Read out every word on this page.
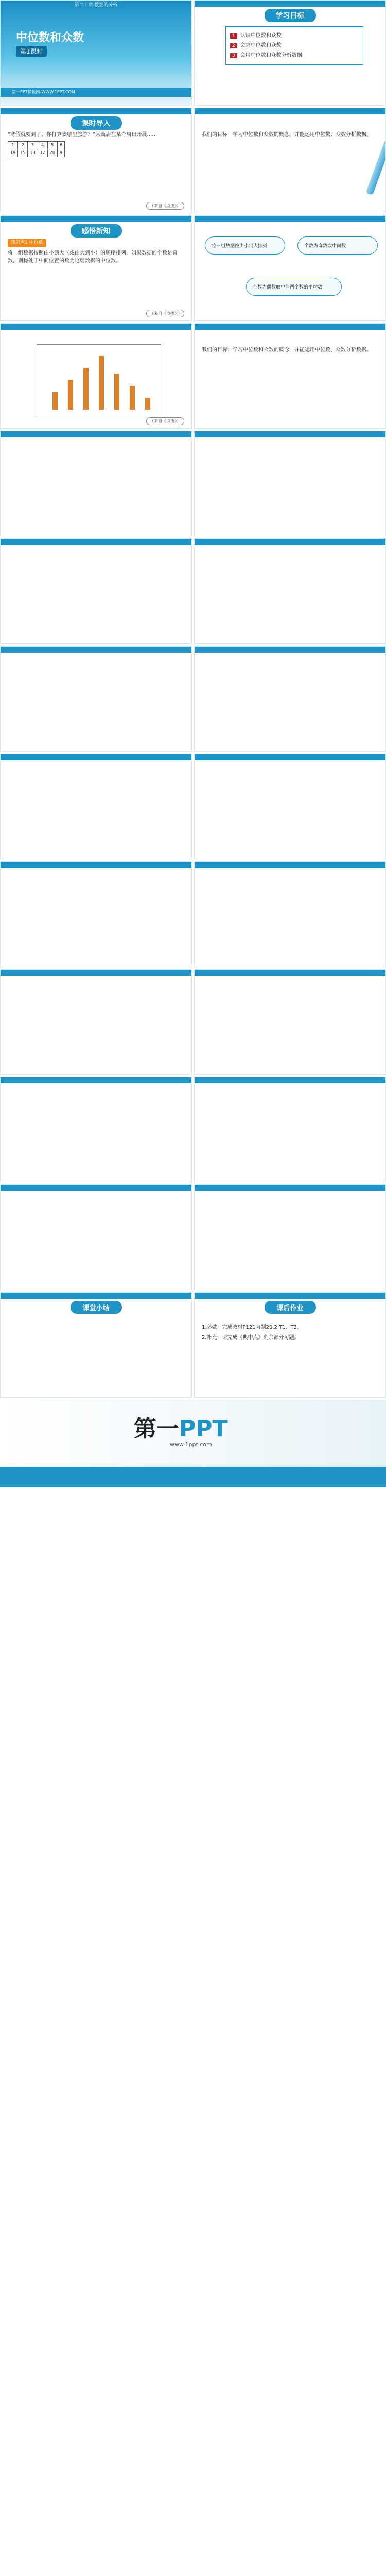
第二十章 数据的分析
中位数和众数
第1课时
第一PPT模板网-WWW.1PPT.COM
学习目标
1 认识中位数和众数
2 会求中位数和众数
3 会用中位数和众数分析数据
课时导入

“寒假就要到了，你打算去哪里旅游？”某商店在某个周日开展……

1	2	3	4	5	6
19	15	18	12	20	9
（来自《点拨》）

我们的目标：学习中位数和众数的概念，并能运用中位数、众数分析数据。

感悟新知

知识点1 中位数

将一组数据按照由小到大（或由大到小）的顺序排列，如果数据的个数是奇数，则称处于中间位置的数为这组数据的中位数。

（来自《点拨》）
将一组数据按由小到大排列	个数为奇数取中间数
个数为偶数取中间两个数的平均数
（来自《点拨》）

我们的目标：学习中位数和众数的概念，并能运用中位数、众数分析数据。

课堂小结	课后作业

1.必做：完成教材P121习题20.2 T1、T3。

2.补充：请完成《典中点》剩余部分习题。

第一PPT
www.1ppt.com
